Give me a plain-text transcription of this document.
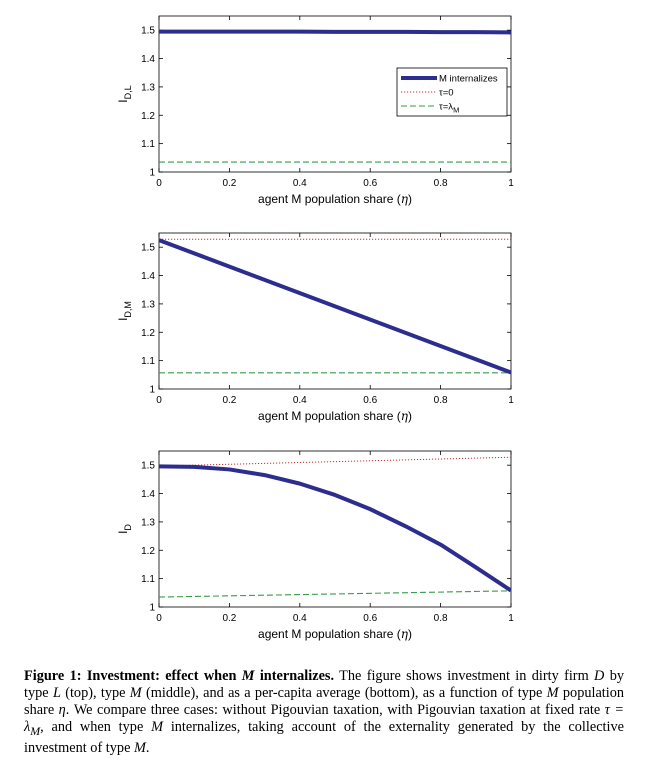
0	0.2	0.4	0.6	0.8	1
1
1.1
1.2
1.3
1.4
1.5
agent M population share (η)
$I_{D,L}$
M internalizes
τ=0
$\tau=\lambda_M$
0	0.2	0.4	0.6	0.8	1
1
1.1
1.2
1.3
1.4
1.5
agent M population share (η)
$I_{D,M}$
0	0.2	0.4	0.6	0.8	1
1
1.1
1.2
1.3
1.4
1.5
agent M population share (η)
$I_D$
Figure 1: Investment: effect when M internalizes. The figure shows investment in dirty firm D by type L (top), type M (middle), and as a per-capita average (bottom), as a function of type M population share η. We compare three cases: without Pigouvian taxation, with Pigouvian taxation at fixed rate $\tau = \lambda_M$, and when type M internalizes, taking account of the externality generated by the collective investment of type M.
